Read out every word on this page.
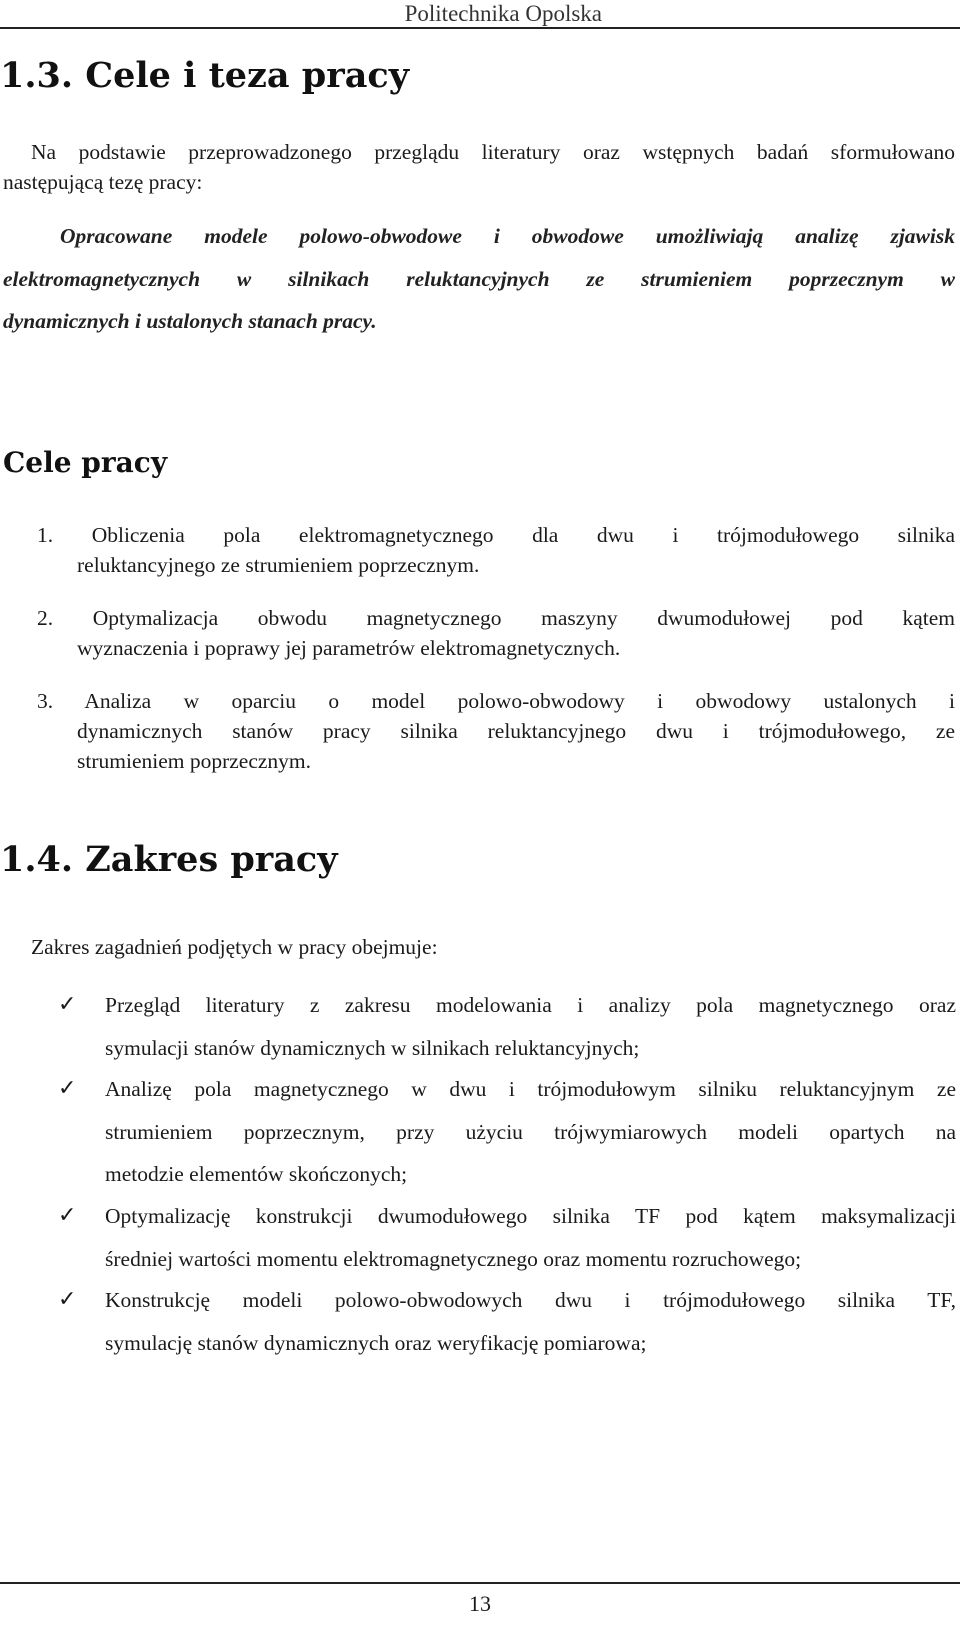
Politechnika Opolska
1.3. Cele i teza pracy
Na podstawie przeprowadzonego przeglądu literatury oraz wstępnych badań sformułowano
następującą tezę pracy:
Opracowane modele polowo-obwodowe i obwodowe umożliwiają analizę zjawisk
elektromagnetycznych w silnikach reluktancyjnych ze strumieniem poprzecznym w
dynamicznych i ustalonych stanach pracy.
Cele pracy
1. Obliczenia pola elektromagnetycznego dla dwu i trójmodułowego silnika
reluktancyjnego ze strumieniem poprzecznym.
2. Optymalizacja obwodu magnetycznego maszyny dwumodułowej pod kątem
wyznaczenia i poprawy jej parametrów elektromagnetycznych.
3. Analiza w oparciu o model polowo-obwodowy i obwodowy ustalonych i
dynamicznych stanów pracy silnika reluktancyjnego dwu i trójmodułowego, ze
strumieniem poprzecznym.
1.4. Zakres pracy
Zakres zagadnień podjętych w pracy obejmuje:
✓	Przegląd literatury z zakresu modelowania i analizy pola magnetycznego oraz
symulacji stanów dynamicznych w silnikach reluktancyjnych;
✓	Analizę pola magnetycznego w dwu i trójmodułowym silniku reluktancyjnym ze
strumieniem poprzecznym, przy użyciu trójwymiarowych modeli opartych na
metodzie elementów skończonych;
✓	Optymalizację konstrukcji dwumodułowego silnika TF pod kątem maksymalizacji
średniej wartości momentu elektromagnetycznego oraz momentu rozruchowego;
✓	Konstrukcję modeli polowo-obwodowych dwu i trójmodułowego silnika TF,
symulację stanów dynamicznych oraz weryfikację pomiarowa;
13
